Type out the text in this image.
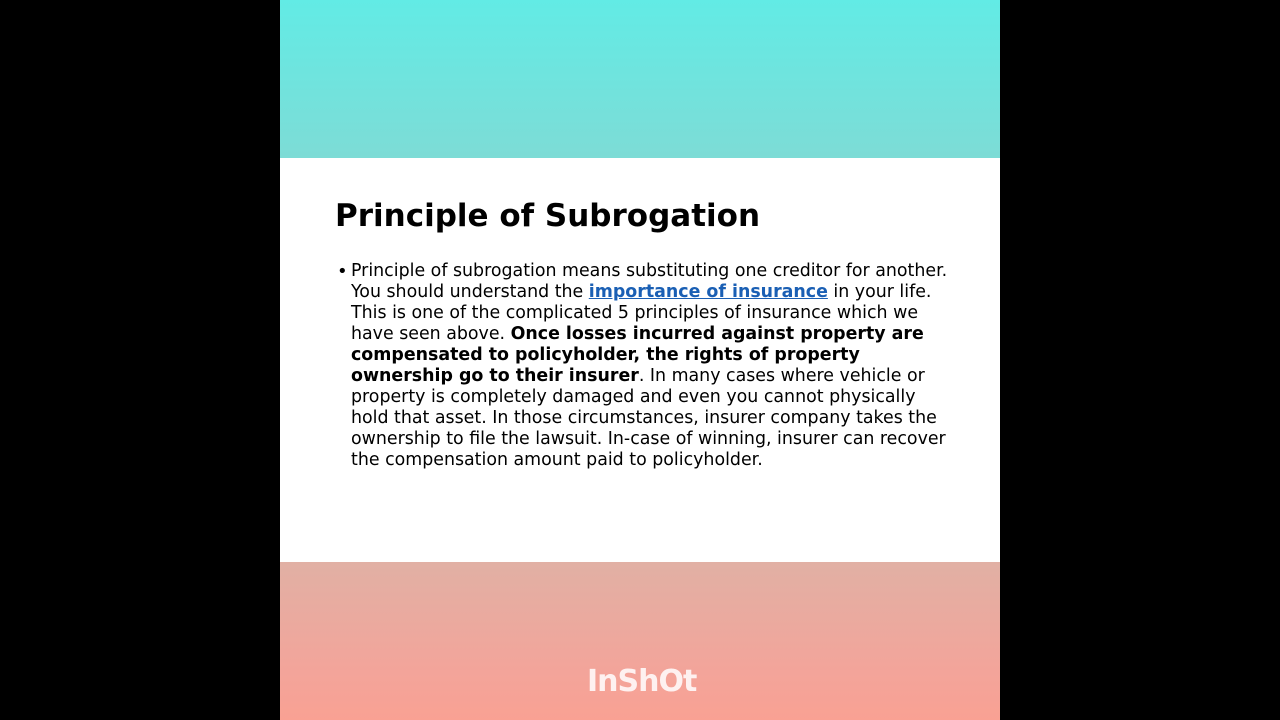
Principle of Subrogation
• Principle of subrogation means substituting one creditor for another. You should understand the importance of insurance in your life. This is one of the complicated 5 principles of insurance which we have seen above. Once losses incurred against property are compensated to policyholder, the rights of property ownership go to their insurer. In many cases where vehicle or property is completely damaged and even you cannot physically hold that asset. In those circumstances, insurer company takes the ownership to file the lawsuit. In-case of winning, insurer can recover the compensation amount paid to policyholder.
InShOt
